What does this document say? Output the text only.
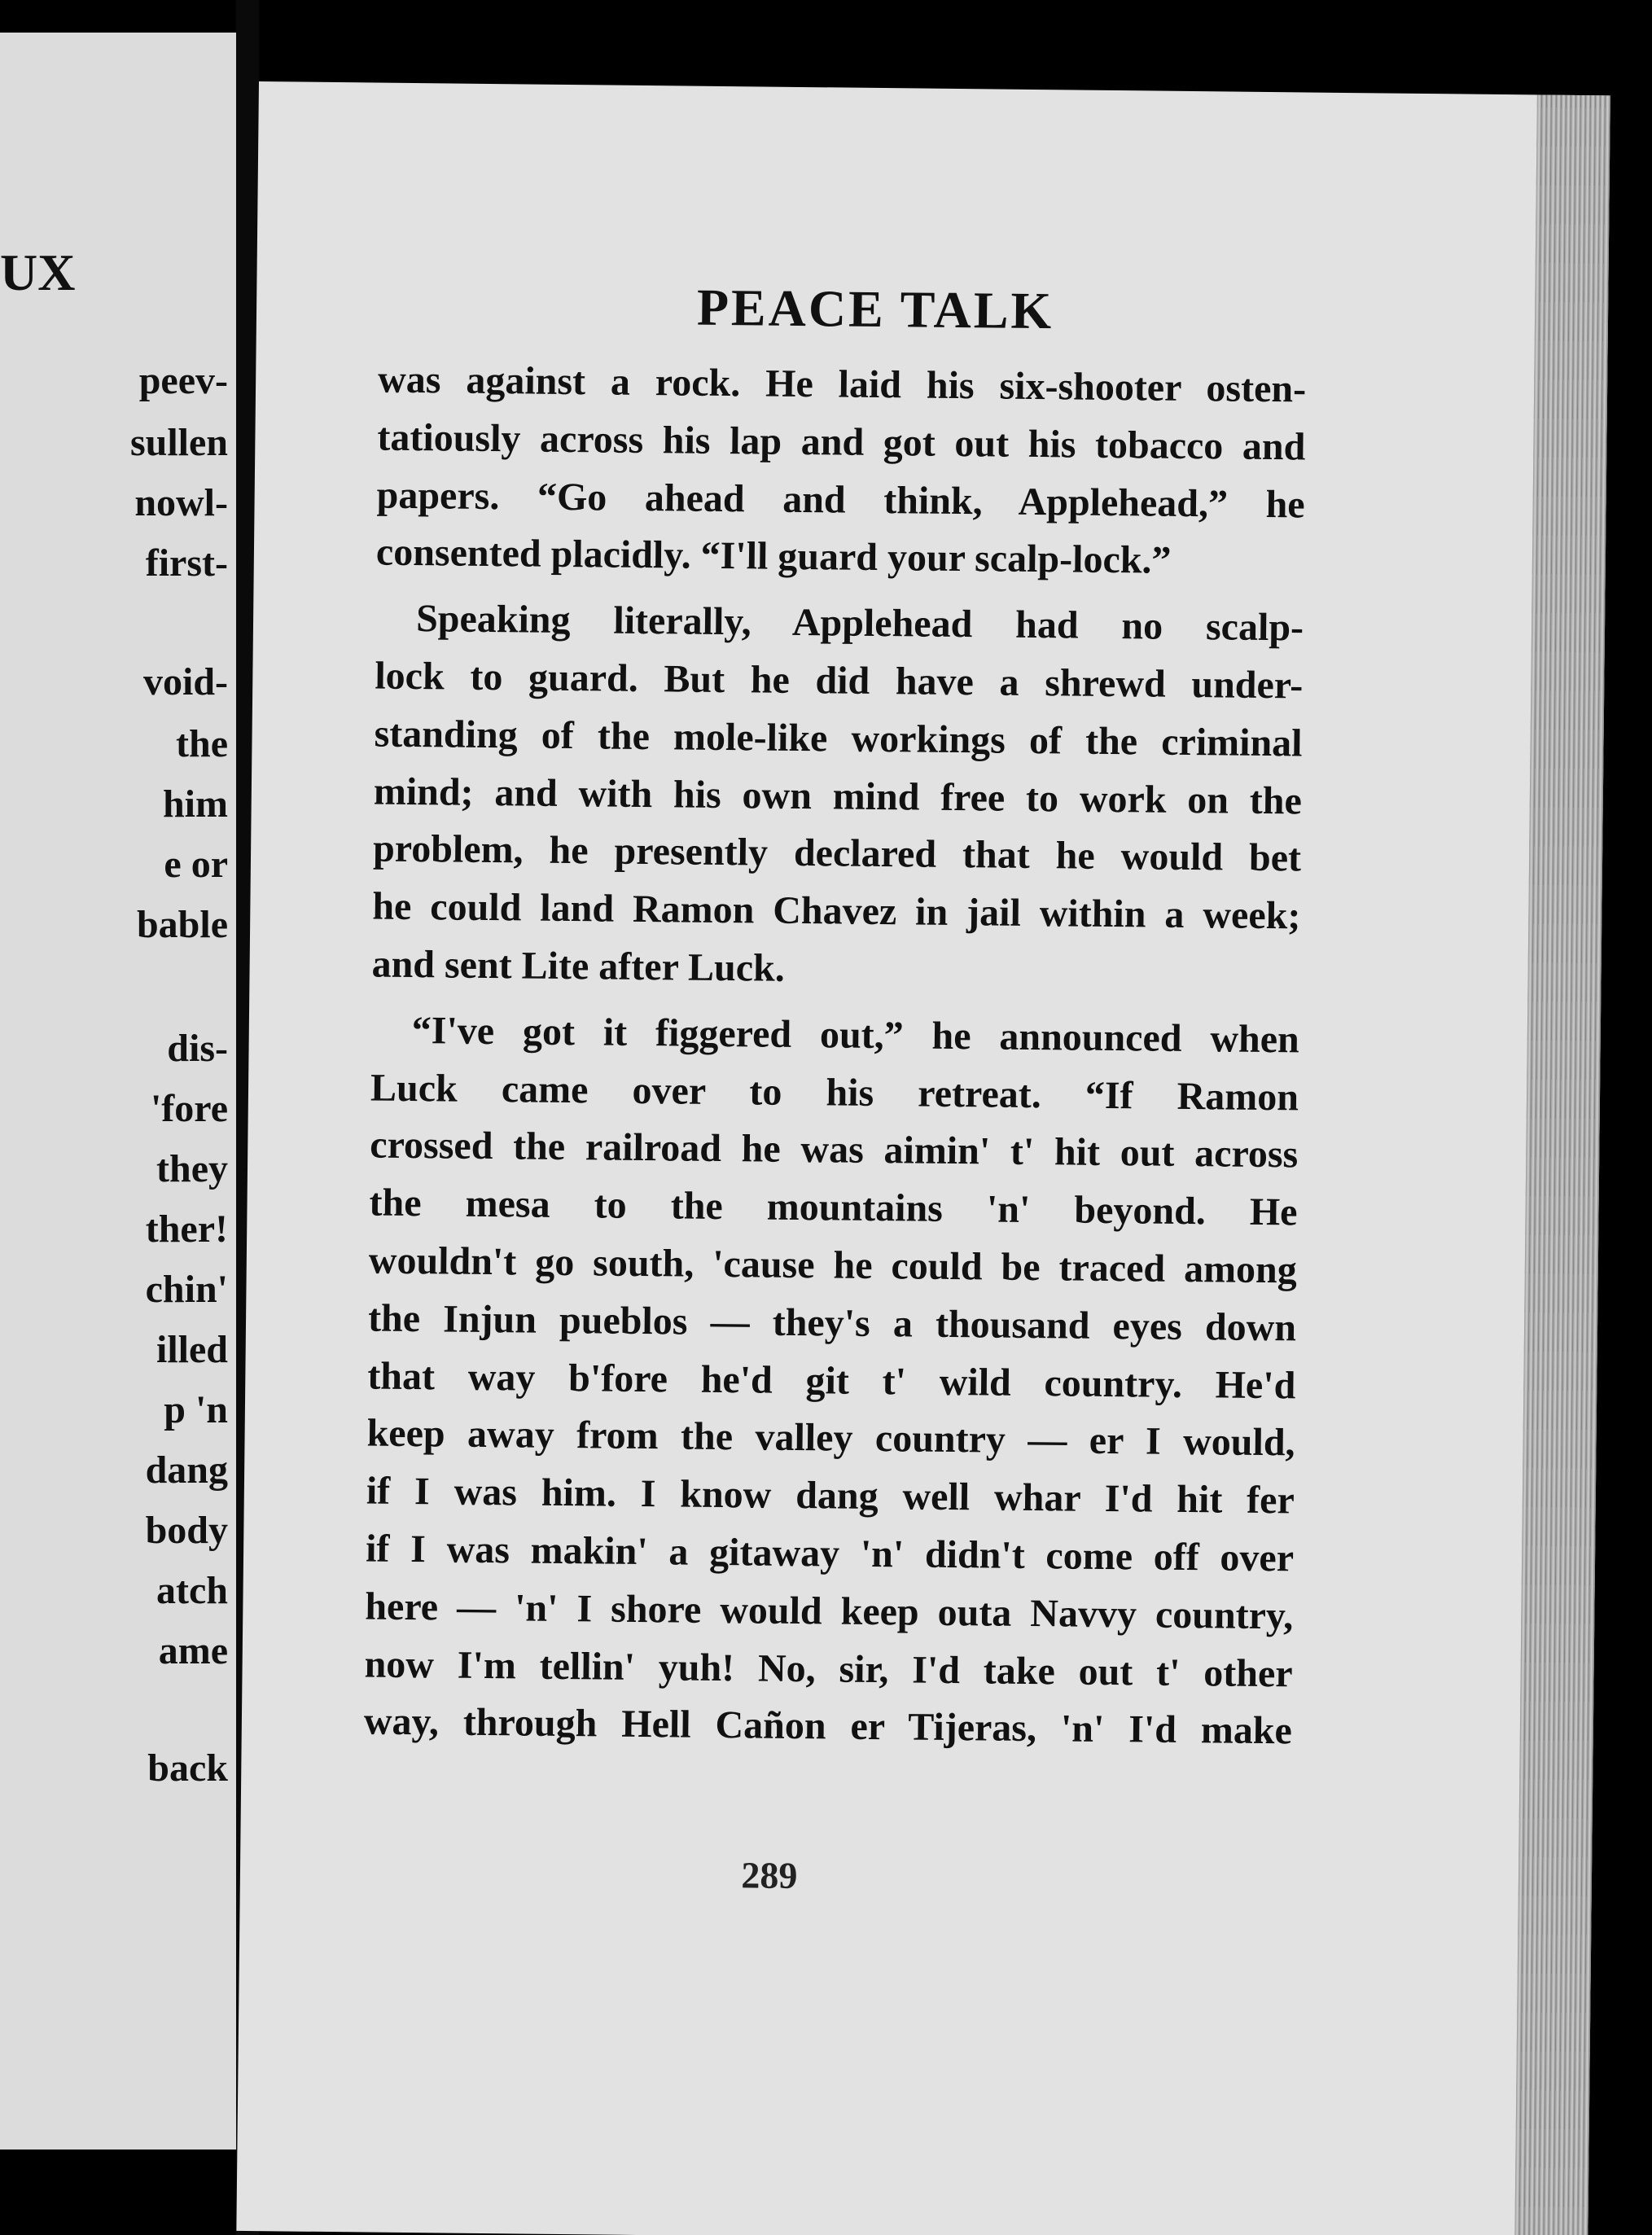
UX
peev-
sullen
nowl-
first-
void-
the
him
e or
bable
dis-
'fore
they
ther!
chin'
illed
p 'n
dang
body
atch
ame
back
PEACE TALK
was against a rock. He laid his six-shooter osten-
tatiously across his lap and got out his tobacco and
papers. “Go ahead and think, Applehead,” he
consented placidly. “I'll guard your scalp-lock.”
Speaking literally, Applehead had no scalp-
lock to guard. But he did have a shrewd under-
standing of the mole-like workings of the criminal
mind; and with his own mind free to work on the
problem, he presently declared that he would bet
he could land Ramon Chavez in jail within a week;
and sent Lite after Luck.
“I've got it figgered out,” he announced when
Luck came over to his retreat. “If Ramon
crossed the railroad he was aimin' t' hit out across
the mesa to the mountains 'n' beyond. He
wouldn't go south, 'cause he could be traced among
the Injun pueblos — they's a thousand eyes down
that way b'fore he'd git t' wild country. He'd
keep away from the valley country — er I would,
if I was him. I know dang well whar I'd hit fer
if I was makin' a gitaway 'n' didn't come off over
here — 'n' I shore would keep outa Navvy country,
now I'm tellin' yuh! No, sir, I'd take out t' other
way, through Hell Cañon er Tijeras, 'n' I'd make
289
